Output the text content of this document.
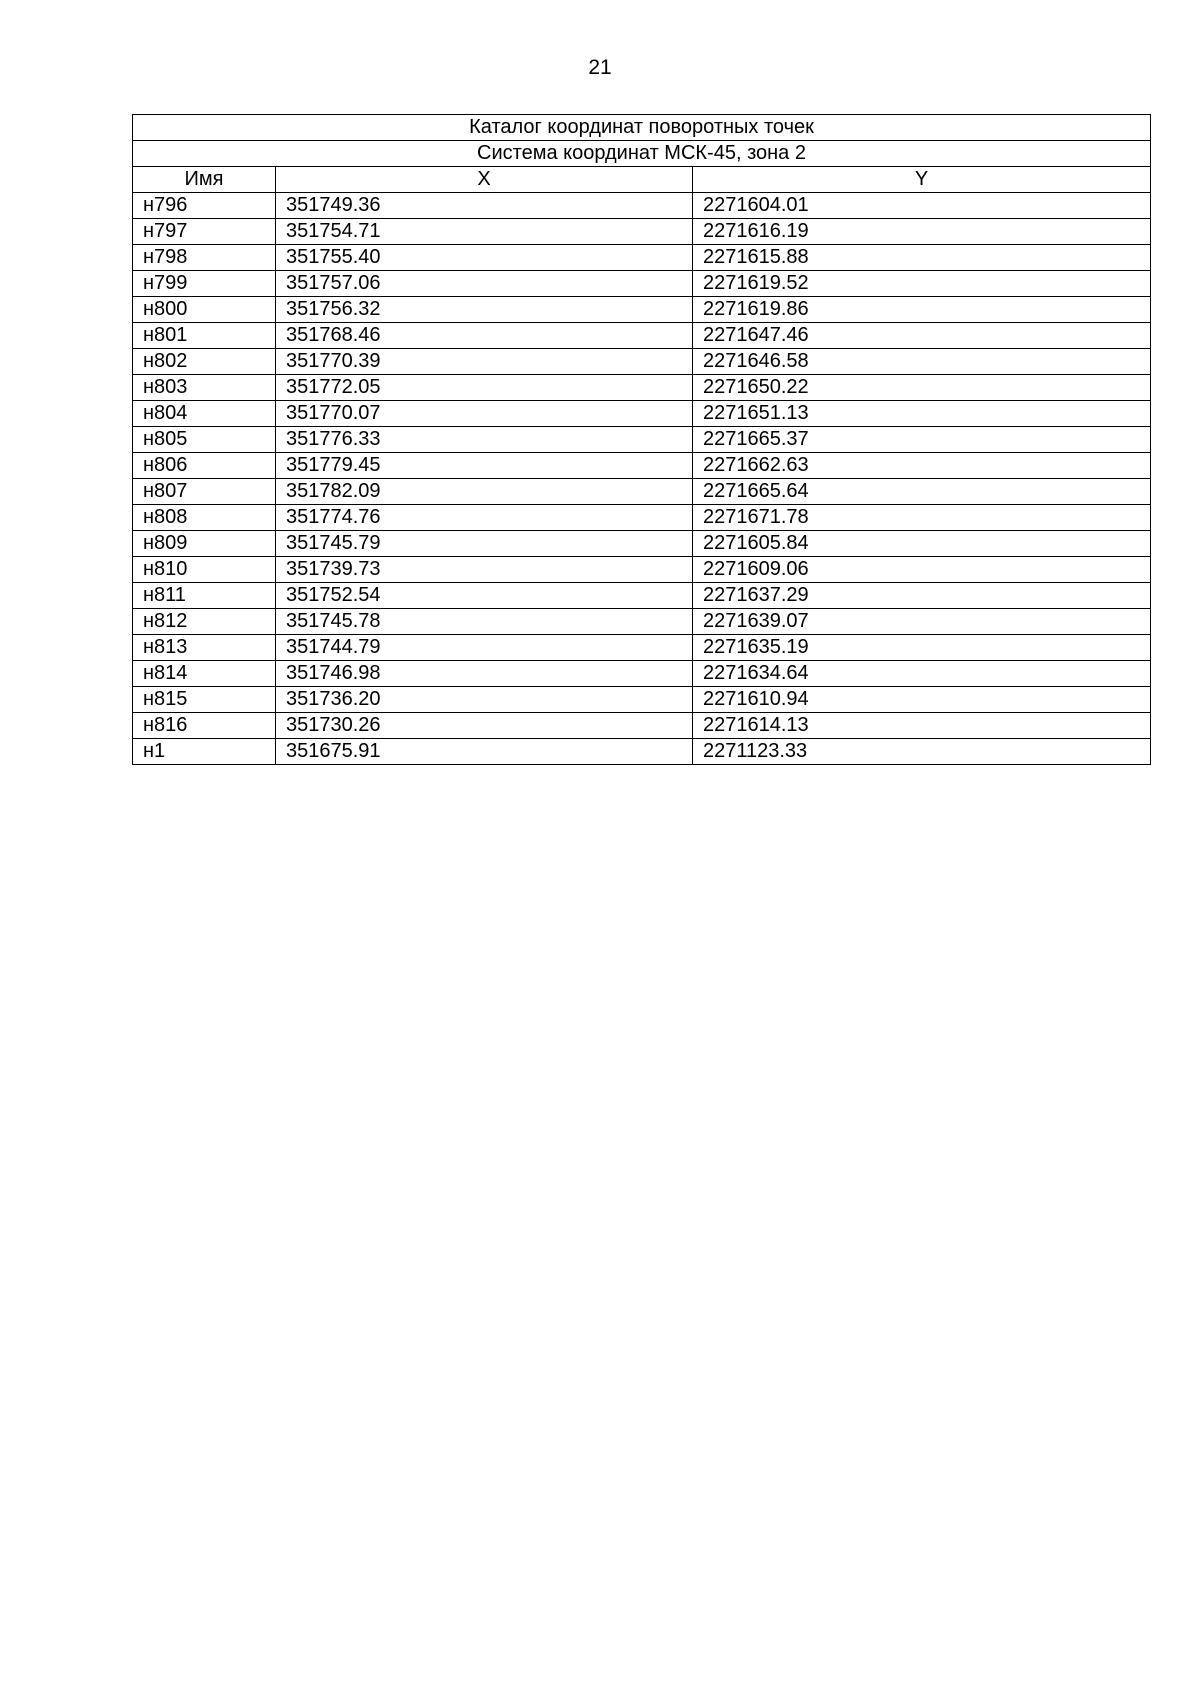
21
Каталог координат поворотных точек		
Система координат МСК-45, зона 2		
Имя	X	Y
н796	351749.36	2271604.01
н797	351754.71	2271616.19
н798	351755.40	2271615.88
н799	351757.06	2271619.52
н800	351756.32	2271619.86
н801	351768.46	2271647.46
н802	351770.39	2271646.58
н803	351772.05	2271650.22
н804	351770.07	2271651.13
н805	351776.33	2271665.37
н806	351779.45	2271662.63
н807	351782.09	2271665.64
н808	351774.76	2271671.78
н809	351745.79	2271605.84
н810	351739.73	2271609.06
н811	351752.54	2271637.29
н812	351745.78	2271639.07
н813	351744.79	2271635.19
н814	351746.98	2271634.64
н815	351736.20	2271610.94
н816	351730.26	2271614.13
н1	351675.91	2271123.33
